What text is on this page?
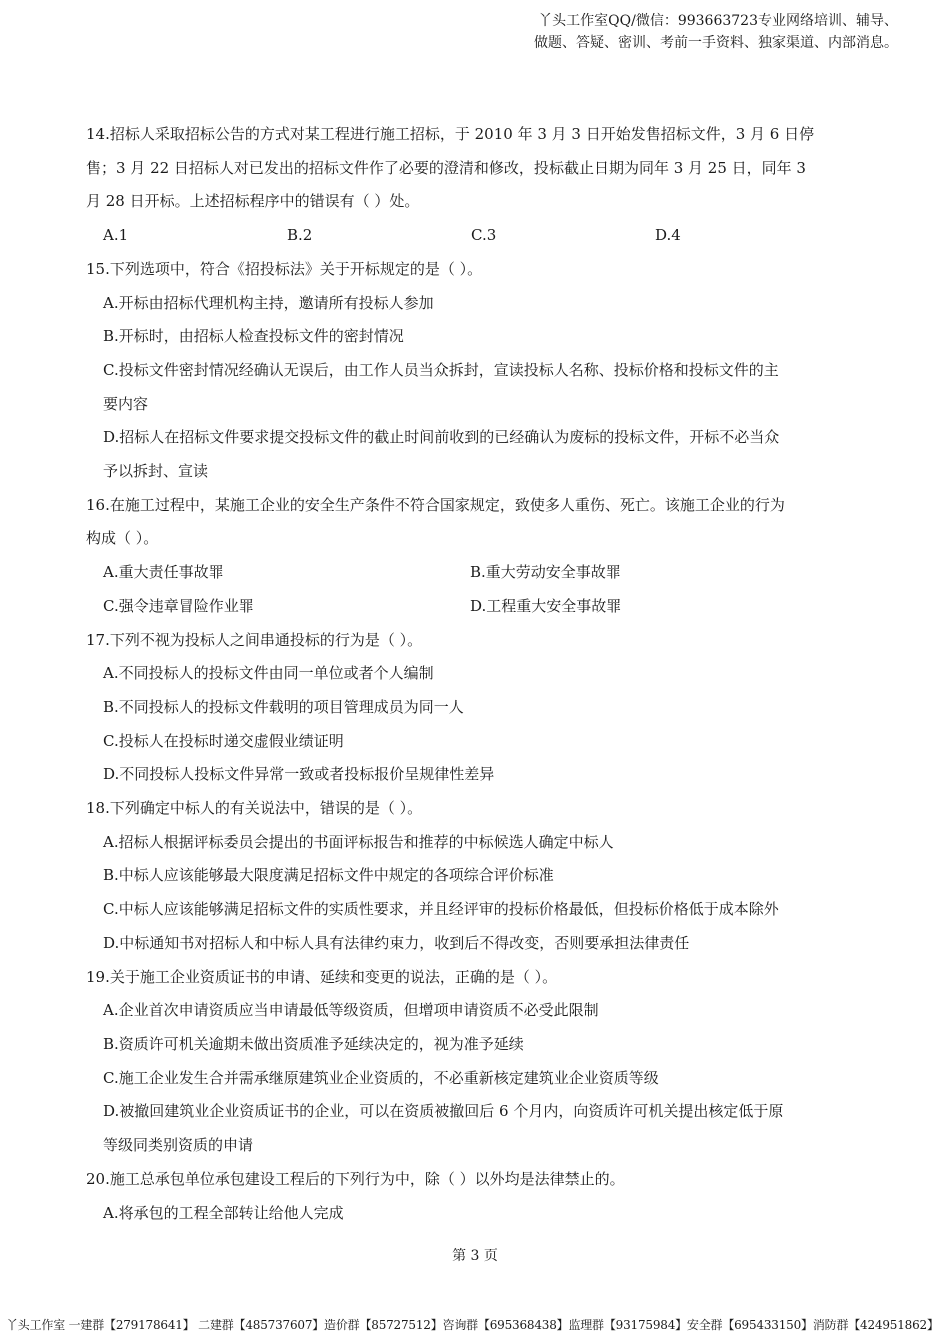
丫头工作室QQ/微信：993663723专业网络培训、辅导、
做题、答疑、密训、考前一手资料、独家渠道、内部消息。
14.招标人采取招标公告的方式对某工程进行施工招标，于 2010 年 3 月 3 日开始发售招标文件，3 月 6 日停
售；3 月 22 日招标人对已发出的招标文件作了必要的澄清和修改，投标截止日期为同年 3 月 25 日，同年 3
月 28 日开标。上述招标程序中的错误有（ ）处。
A.1	B.2	C.3	D.4
15.下列选项中，符合《招投标法》关于开标规定的是（ ）。
A.开标由招标代理机构主持，邀请所有投标人参加
B.开标时，由招标人检查投标文件的密封情况
C.投标文件密封情况经确认无误后，由工作人员当众拆封，宣读投标人名称、投标价格和投标文件的主
要内容
D.招标人在招标文件要求提交投标文件的截止时间前收到的已经确认为废标的投标文件，开标不必当众
予以拆封、宣读
16.在施工过程中，某施工企业的安全生产条件不符合国家规定，致使多人重伤、死亡。该施工企业的行为
构成（ ）。
A.重大责任事故罪	B.重大劳动安全事故罪
C.强令违章冒险作业罪	D.工程重大安全事故罪
17.下列不视为投标人之间串通投标的行为是（ ）。
A.不同投标人的投标文件由同一单位或者个人编制
B.不同投标人的投标文件载明的项目管理成员为同一人
C.投标人在投标时递交虚假业绩证明
D.不同投标人投标文件异常一致或者投标报价呈规律性差异
18.下列确定中标人的有关说法中，错误的是（ ）。
A.招标人根据评标委员会提出的书面评标报告和推荐的中标候选人确定中标人
B.中标人应该能够最大限度满足招标文件中规定的各项综合评价标准
C.中标人应该能够满足招标文件的实质性要求，并且经评审的投标价格最低，但投标价格低于成本除外
D.中标通知书对招标人和中标人具有法律约束力，收到后不得改变，否则要承担法律责任
19.关于施工企业资质证书的申请、延续和变更的说法，正确的是（ ）。
A.企业首次申请资质应当申请最低等级资质，但增项申请资质不必受此限制
B.资质许可机关逾期未做出资质准予延续决定的，视为准予延续
C.施工企业发生合并需承继原建筑业企业资质的，不必重新核定建筑业企业资质等级
D.被撤回建筑业企业资质证书的企业，可以在资质被撤回后 6 个月内，向资质许可机关提出核定低于原
等级同类别资质的申请
20.施工总承包单位承包建设工程后的下列行为中，除（ ）以外均是法律禁止的。
A.将承包的工程全部转让给他人完成
第 3 页
丫头工作室 一建群【279178641】 二建群【485737607】造价群【85727512】咨询群【695368438】监理群【93175984】安全群【695433150】消防群【424951862】
